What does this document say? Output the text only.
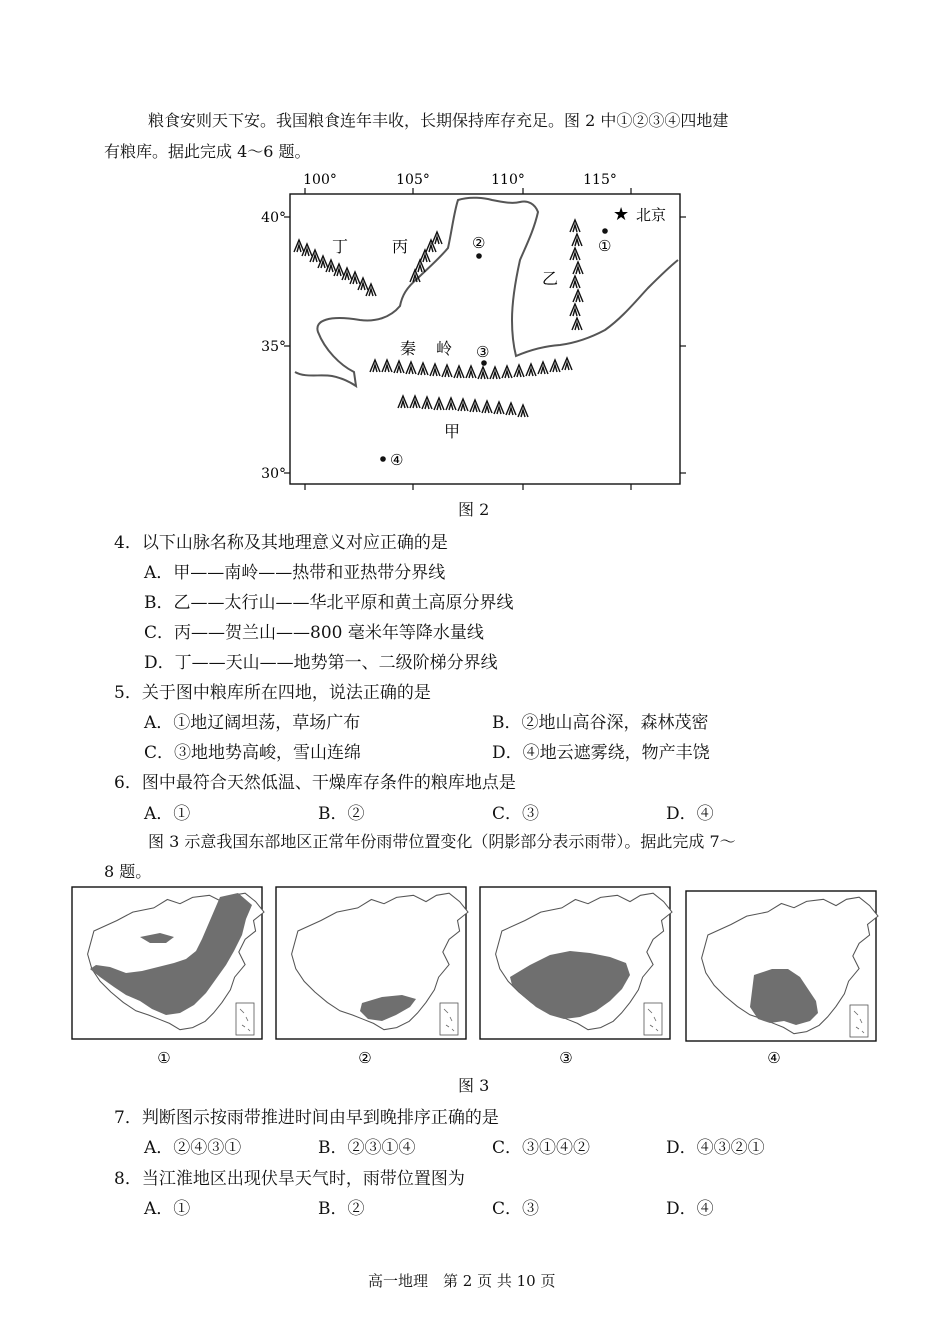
粮食安则天下安。我国粮食连年丰收，长期保持库存充足。图 2 中①②③④四地建
有粮库。据此完成 4～6 题。
100°	105°	110°	115°
40°
35°
30°
①
②
③
④
★ 北京
丁	丙
乙
秦 岭
甲
图 2
4．以下山脉名称及其地理意义对应正确的是
A．甲——南岭——热带和亚热带分界线
B．乙——太行山——华北平原和黄土高原分界线
C．丙——贺兰山——800 毫米年等降水量线
D．丁——天山——地势第一、二级阶梯分界线
5．关于图中粮库所在四地，说法正确的是
A．①地辽阔坦荡，草场广布	B．②地山高谷深，森林茂密
C．③地地势高峻，雪山连绵	D．④地云遮雾绕，物产丰饶
6．图中最符合天然低温、干燥库存条件的粮库地点是
A．①	B．②	C．③	D．④
图 3 示意我国东部地区正常年份雨带位置变化（阴影部分表示雨带）。据此完成 7～
8 题。
①	②	③	④
图 3
7．判断图示按雨带推进时间由早到晚排序正确的是
A．②④③①	B．②③①④	C．③①④②	D．④③②①
8．当江淮地区出现伏旱天气时，雨带位置图为
A．①	B．②	C．③	D．④
高一地理　第 2 页 共 10 页
